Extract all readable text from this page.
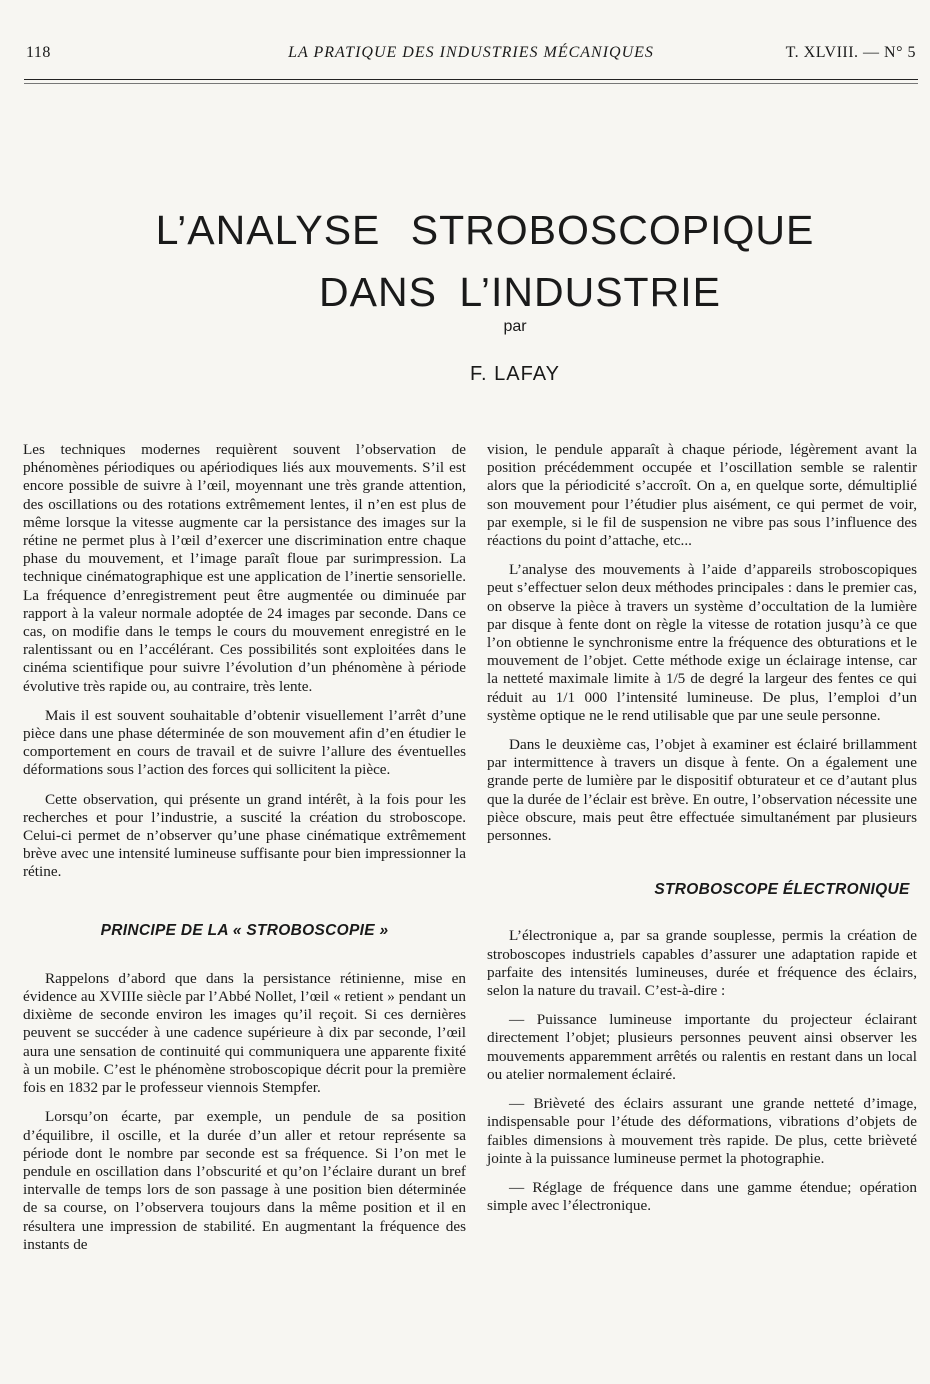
118	LA PRATIQUE DES INDUSTRIES MÉCANIQUES	T. XLVIII. — N° 5
L’ANALYSE STROBOSCOPIQUE
DANS L’INDUSTRIE
par
F. LAFAY

Les techniques modernes requièrent souvent l’observation de phénomènes périodiques ou apériodiques liés aux mouvements. S’il est encore possible de suivre à l’œil, moyennant une très grande attention, des oscillations ou des rotations extrêmement lentes, il n’en est plus de même lorsque la vitesse augmente car la persistance des images sur la rétine ne permet plus à l’œil d’exercer une discrimination entre chaque phase du mouvement, et l’image paraît floue par surimpression. La technique cinématographique est une application de l’inertie sensorielle. La fréquence d’enregistrement peut être augmentée ou diminuée par rapport à la valeur normale adoptée de 24 images par seconde. Dans ce cas, on modifie dans le temps le cours du mouvement enregistré en le ralentissant ou en l’accélérant. Ces possibilités sont exploitées dans le cinéma scientifique pour suivre l’évolution d’un phénomène à période évolutive très rapide ou, au contraire, très lente.

Mais il est souvent souhaitable d’obtenir visuellement l’arrêt d’une pièce dans une phase déterminée de son mouvement afin d’en étudier le comportement en cours de travail et de suivre l’allure des éventuelles déformations sous l’action des forces qui sollicitent la pièce.

Cette observation, qui présente un grand intérêt, à la fois pour les recherches et pour l’industrie, a suscité la création du stroboscope. Celui-ci permet de n’observer qu’une phase cinématique extrêmement brève avec une intensité lumineuse suffisante pour bien impressionner la rétine.

PRINCIPE DE LA « STROBOSCOPIE »

Rappelons d’abord que dans la persistance rétinienne, mise en évidence au XVIIIe siècle par l’Abbé Nollet, l’œil « retient » pendant un dixième de seconde environ les images qu’il reçoit. Si ces dernières peuvent se succéder à une cadence supérieure à dix par seconde, l’œil aura une sensation de continuité qui communiquera une apparente fixité à un mobile. C’est le phénomène stroboscopique décrit pour la première fois en 1832 par le professeur viennois Stempfer.

Lorsqu’on écarte, par exemple, un pendule de sa position d’équilibre, il oscille, et la durée d’un aller et retour représente sa période dont le nombre par seconde est sa fréquence. Si l’on met le pendule en oscillation dans l’obscurité et qu’on l’éclaire durant un bref intervalle de temps lors de son passage à une position bien déterminée de sa course, on l’observera toujours dans la même position et il en résultera une impression de stabilité. En augmentant la fréquence des instants de

vision, le pendule apparaît à chaque période, légèrement avant la position précédemment occupée et l’oscillation semble se ralentir alors que la périodicité s’accroît. On a, en quelque sorte, démultiplié son mouvement pour l’étudier plus aisément, ce qui permet de voir, par exemple, si le fil de suspension ne vibre pas sous l’influence des réactions du point d’attache, etc...

L’analyse des mouvements à l’aide d’appareils stroboscopiques peut s’effectuer selon deux méthodes principales : dans le premier cas, on observe la pièce à travers un système d’occultation de la lumière par disque à fente dont on règle la vitesse de rotation jusqu’à ce que l’on obtienne le synchronisme entre la fréquence des obturations et le mouvement de l’objet. Cette méthode exige un éclairage intense, car la netteté maximale limite à 1/5 de degré la largeur des fentes ce qui réduit au 1/1 000 l’intensité lumineuse. De plus, l’emploi d’un système optique ne le rend utilisable que par une seule personne.

Dans le deuxième cas, l’objet à examiner est éclairé brillamment par intermittence à travers un disque à fente. On a également une grande perte de lumière par le dispositif obturateur et ce d’autant plus que la durée de l’éclair est brève. En outre, l’observation nécessite une pièce obscure, mais peut être effectuée simultanément par plusieurs personnes.

STROBOSCOPE ÉLECTRONIQUE

L’électronique a, par sa grande souplesse, permis la création de stroboscopes industriels capables d’assurer une adaptation rapide et parfaite des intensités lumineuses, durée et fréquence des éclairs, selon la nature du travail. C’est-à-dire :

— Puissance lumineuse importante du projecteur éclairant directement l’objet; plusieurs personnes peuvent ainsi observer les mouvements apparemment arrêtés ou ralentis en restant dans un local ou atelier normalement éclairé.

— Brièveté des éclairs assurant une grande netteté d’image, indispensable pour l’étude des déformations, vibrations d’objets de faibles dimensions à mouvement très rapide. De plus, cette brièveté jointe à la puissance lumineuse permet la photographie.

— Réglage de fréquence dans une gamme étendue; opération simple avec l’électronique.
